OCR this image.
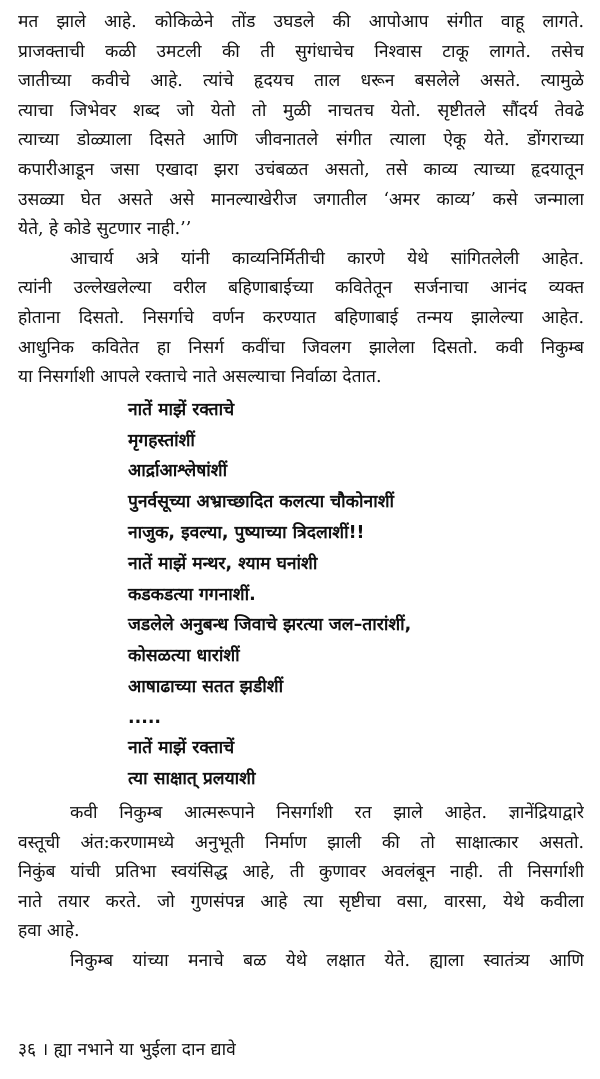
मत झाले आहे. कोकिळेने तोंड उघडले की आपोआप संगीत वाहू लागते.
प्राजक्ताची कळी उमटली की ती सुगंधाचेच निश्वास टाकू लागते. तसेच
जातीच्या कवीचे आहे. त्यांचे हृदयच ताल धरून बसलेले असते. त्यामुळे
त्याचा जिभेवर शब्द जो येतो तो मुळी नाचतच येतो. सृष्टीतले सौंदर्य तेवढे
त्याच्या डोळ्याला दिसते आणि जीवनातले संगीत त्याला ऐकू येते. डोंगराच्या
कपारीआडून जसा एखादा झरा उचंबळत असतो, तसे काव्य त्याच्या हृदयातून
उसळ्या घेत असते असे मानल्याखेरीज जगातील ‘अमर काव्य’ कसे जन्माला
येते, हे कोडे सुटणार नाही.’’
आचार्य अत्रे यांनी काव्यनिर्मितीची कारणे येथे सांगितलेली आहेत.
त्यांनी उल्लेखलेल्या वरील बहिणाबाईच्या कवितेतून सर्जनाचा आनंद व्यक्त
होताना दिसतो. निसर्गाचे वर्णन करण्यात बहिणाबाई तन्मय झालेल्या आहेत.
आधुनिक कवितेत हा निसर्ग कवींचा जिवलग झालेला दिसतो. कवी निकुम्ब
या निसर्गाशी आपले रक्ताचे नाते असल्याचा निर्वाळा देतात.
नातें माझें रक्ताचे
मृगहस्तांशीं
आर्द्राआश्लेषांशीं
पुनर्वसूच्या अभ्राच्छादित कलत्या चौकोनाशीं
नाजुक, इवल्या, पुष्याच्या त्रिदलाशीं!!
नातें माझें मन्थर, श्याम घनांशी
कडकडत्या गगनाशीं.
जडलेले अनुबन्ध जिवाचे झरत्या जल–तारांशीं,
कोसळत्या धारांशीं
आषाढाच्या सतत झडीशीं
.....
नातें माझें रक्ताचें
त्या साक्षात् प्रलयाशी
कवी निकुम्ब आत्मरूपाने निसर्गाशी रत झाले आहेत. ज्ञानेंद्रियाद्वारे
वस्तूची अंत:करणामध्ये अनुभूती निर्माण झाली की तो साक्षात्कार असतो.
निकुंब यांची प्रतिभा स्वयंसिद्ध आहे, ती कुणावर अवलंबून नाही. ती निसर्गाशी
नाते तयार करते. जो गुणसंपन्न आहे त्या सृष्टीचा वसा, वारसा, येथे कवीला
हवा आहे.
निकुम्ब यांच्या मनाचे बळ येथे लक्षात येते. ह्याला स्वातंत्र्य आणि
३६ । ह्या नभाने या भुईला दान द्यावे
